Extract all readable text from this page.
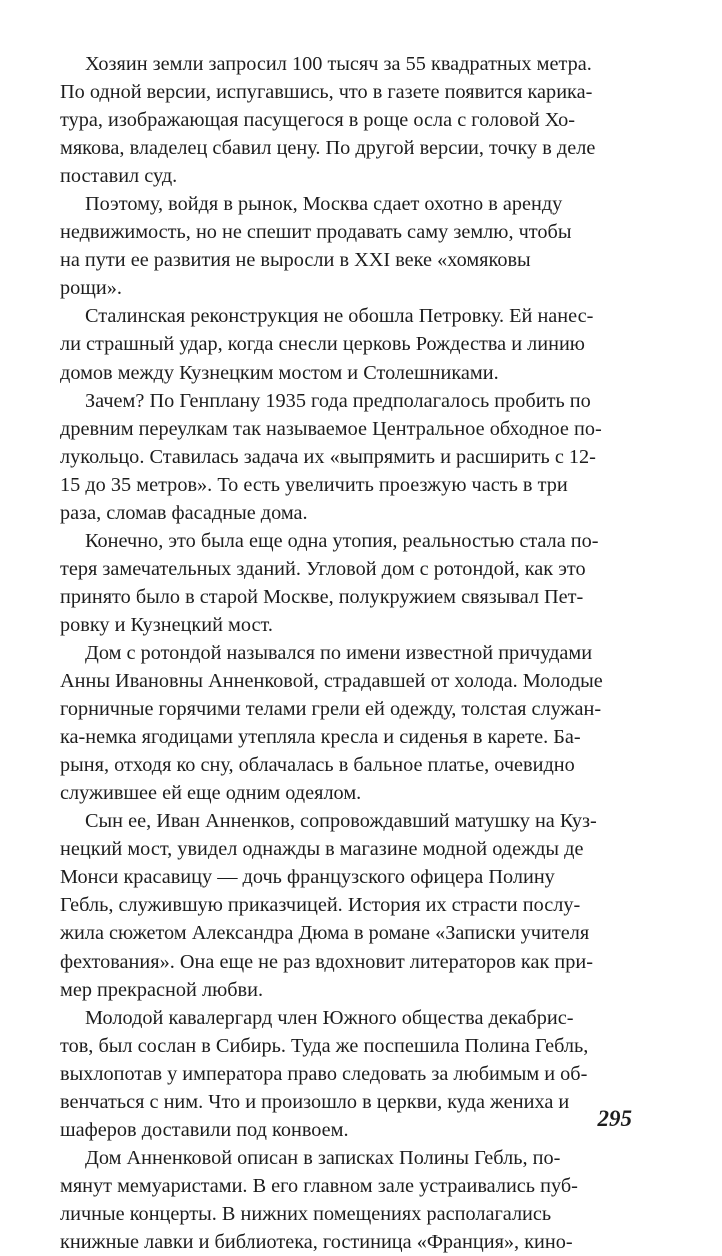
Хозяин земли запросил 100 тысяч за 55 квадратных метра.
По одной версии, испугавшись, что в газете появится карика-
тура, изображающая пасущегося в роще осла с головой Хо-
мякова, владелец сбавил цену. По другой версии, точку в деле
поставил суд.

Поэтому, войдя в рынок, Москва сдает охотно в аренду
недвижимость, но не спешит продавать саму землю, чтобы
на пути ее развития не выросли в XXI веке «хомяковы
рощи».

Сталинская реконструкция не обошла Петровку. Ей нанес-
ли страшный удар, когда снесли церковь Рождества и линию
домов между Кузнецким мостом и Столешниками.

Зачем? По Генплану 1935 года предполагалось пробить по
древним переулкам так называемое Центральное обходное по-
лукольцо. Ставилась задача их «выпрямить и расширить с 12-
15 до 35 метров». То есть увеличить проезжую часть в три
раза, сломав фасадные дома.

Конечно, это была еще одна утопия, реальностью стала по-
теря замечательных зданий. Угловой дом с ротондой, как это
принято было в старой Москве, полукружием связывал Пет-
ровку и Кузнецкий мост.

Дом с ротондой назывался по имени известной причудами
Анны Ивановны Анненковой, страдавшей от холода. Молодые
горничные горячими телами грели ей одежду, толстая служан-
ка-немка ягодицами утепляла кресла и сиденья в карете. Ба-
рыня, отходя ко сну, облачалась в бальное платье, очевидно
служившее ей еще одним одеялом.

Сын ее, Иван Анненков, сопровождавший матушку на Куз-
нецкий мост, увидел однажды в магазине модной одежды де
Монси красавицу — дочь французского офицера Полину
Гебль, служившую приказчицей. История их страсти послу-
жила сюжетом Александра Дюма в романе «Записки учителя
фехтования». Она еще не раз вдохновит литераторов как при-
мер прекрасной любви.

Молодой кавалергард член Южного общества декабрис-
тов, был сослан в Сибирь. Туда же поспешила Полина Гебль,
выхлопотав у императора право следовать за любимым и об-
венчаться с ним. Что и произошло в церкви, куда жениха и
шаферов доставили под конвоем.

Дом Анненковой описан в записках Полины Гебль, по-
мянут мемуаристами. В его главном зале устраивались пуб-
личные концерты. В нижних помещениях располагались
книжные лавки и библиотека, гостиница «Франция», кино-

295
